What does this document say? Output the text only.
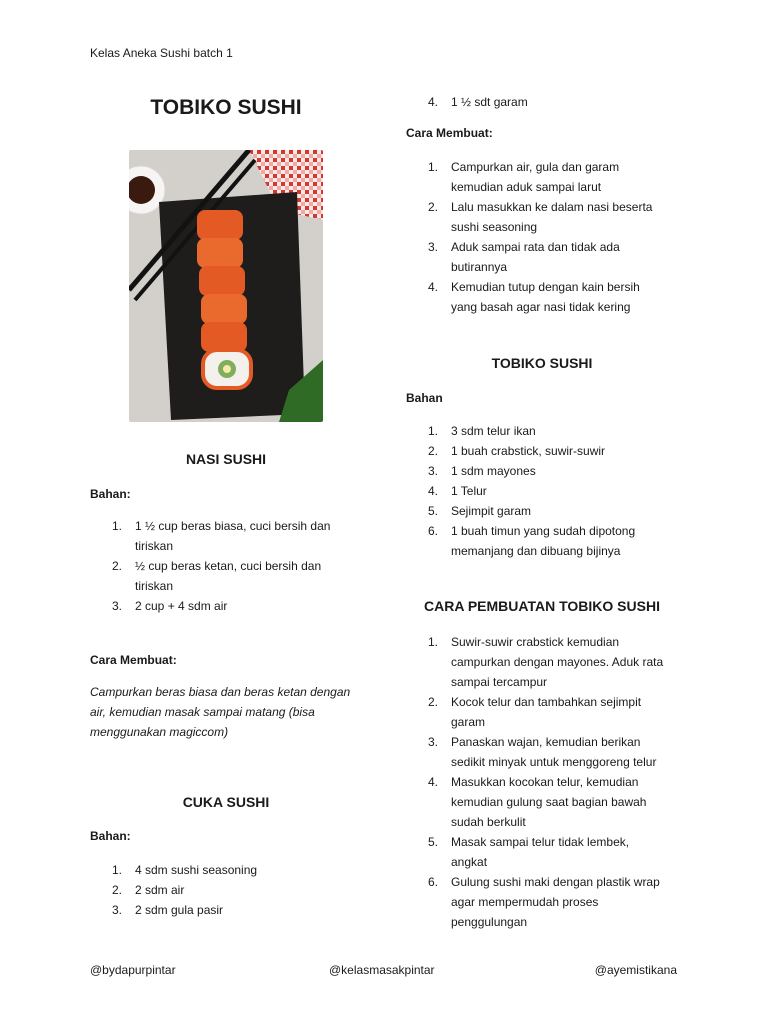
Kelas Aneka Sushi batch 1
TOBIKO SUSHI
NASI SUSHI
Bahan:
1. 1 ½ cup beras biasa, cuci bersih dan
tiriskan
2. ½ cup beras ketan, cuci bersih dan
tiriskan
3. 2 cup + 4 sdm air
Cara Membuat:
Campurkan beras biasa dan beras ketan dengan
air, kemudian masak sampai matang (bisa
menggunakan magiccom)
CUKA SUSHI
Bahan:
1. 4 sdm sushi seasoning
2. 2 sdm air
3. 2 sdm gula pasir
4. 1 ½ sdt garam
Cara Membuat:
1. Campurkan air, gula dan garam
kemudian aduk sampai larut
2. Lalu masukkan ke dalam nasi beserta
sushi seasoning
3. Aduk sampai rata dan tidak ada
butirannya
4. Kemudian tutup dengan kain bersih
yang basah agar nasi tidak kering
TOBIKO SUSHI
Bahan
1. 3 sdm telur ikan
2. 1 buah crabstick, suwir-suwir
3. 1 sdm mayones
4. 1 Telur
5. Sejimpit garam
6. 1 buah timun yang sudah dipotong
memanjang dan dibuang bijinya
CARA PEMBUATAN TOBIKO SUSHI
1. Suwir-suwir crabstick kemudian
campurkan dengan mayones. Aduk rata
sampai tercampur
2. Kocok telur dan tambahkan sejimpit
garam
3. Panaskan wajan, kemudian berikan
sedikit minyak untuk menggoreng telur
4. Masukkan kocokan telur, kemudian
kemudian gulung saat bagian bawah
sudah berkulit
5. Masak sampai telur tidak lembek,
angkat
6. Gulung sushi maki dengan plastik wrap
agar mempermudah proses
penggulungan
@bydapurpintar	@kelasmasakpintar	@ayemistikana
